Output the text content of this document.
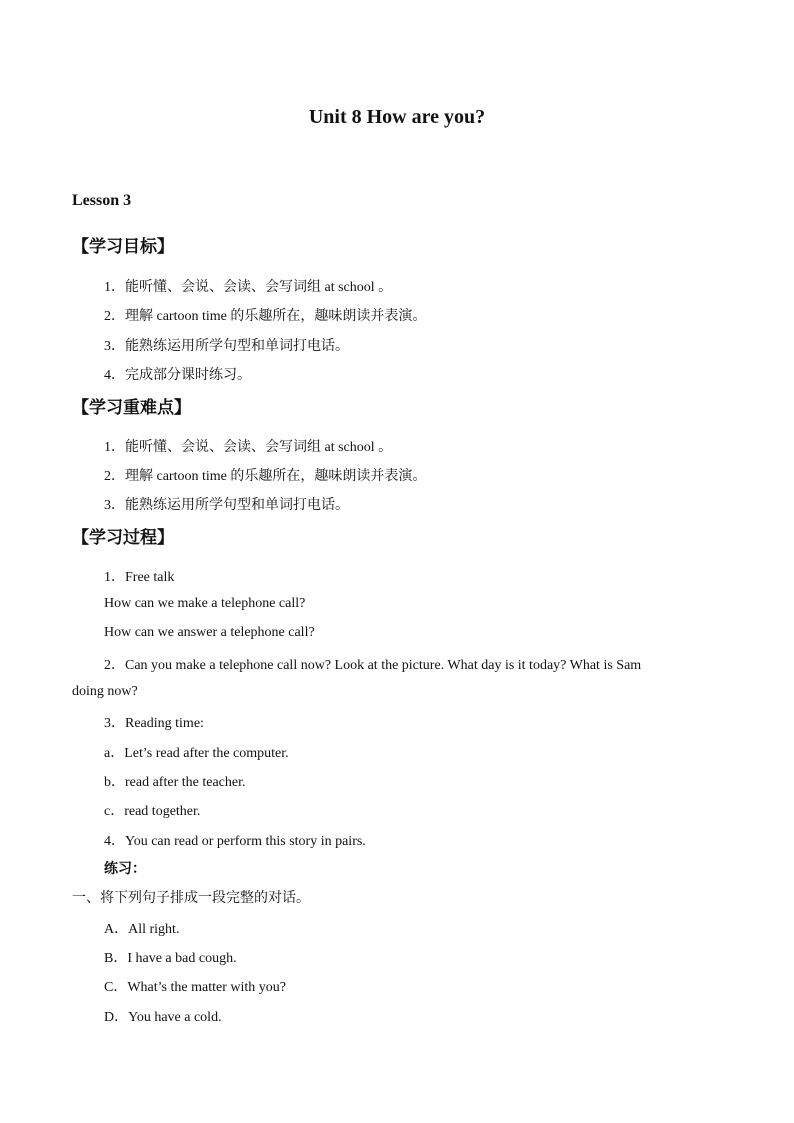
Unit 8 How are you?
Lesson 3
【学习目标】
1．能听懂、会说、会读、会写词组 at school 。
2．理解 cartoon time 的乐趣所在，趣味朗读并表演。
3．能熟练运用所学句型和单词打电话。
4．完成部分课时练习。
【学习重难点】
1．能听懂、会说、会读、会写词组 at school 。
2．理解 cartoon time 的乐趣所在，趣味朗读并表演。
3．能熟练运用所学句型和单词打电话。
【学习过程】
1．Free talk
How can we make a telephone call?
How can we answer a telephone call?
2．Can you make a telephone call now? Look at the picture. What day is it today? What is Sam
doing now?
3．Reading time:
a．Let’s read after the computer.
b．read after the teacher.
c．read together.
4．You can read or perform this story in pairs.
练习：
一、将下列句子排成一段完整的对话。
A．All right.
B．I have a bad cough.
C．What’s the matter with you?
D．You have a cold.
